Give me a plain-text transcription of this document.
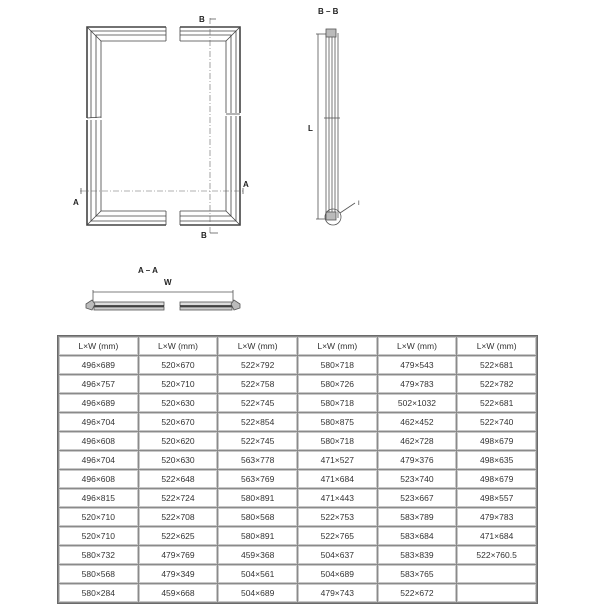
B
B
A
A
B – B
L
I
A – A
W
L×W (mm)	L×W (mm)	L×W (mm)	L×W (mm)	L×W (mm)	L×W (mm)
496×689	520×670	522×792	580×718	479×543	522×681
496×757	520×710	522×758	580×726	479×783	522×782
496×689	520×630	522×745	580×718	502×1032	522×681
496×704	520×670	522×854	580×875	462×452	522×740
496×608	520×620	522×745	580×718	462×728	498×679
496×704	520×630	563×778	471×527	479×376	498×635
496×608	522×648	563×769	471×684	523×740	498×679
496×815	522×724	580×891	471×443	523×667	498×557
520×710	522×708	580×568	522×753	583×789	479×783
520×710	522×625	580×891	522×765	583×684	471×684
580×732	479×769	459×368	504×637	583×839	522×760.5
580×568	479×349	504×561	504×689	583×765	
580×284	459×668	504×689	479×743	522×672	
